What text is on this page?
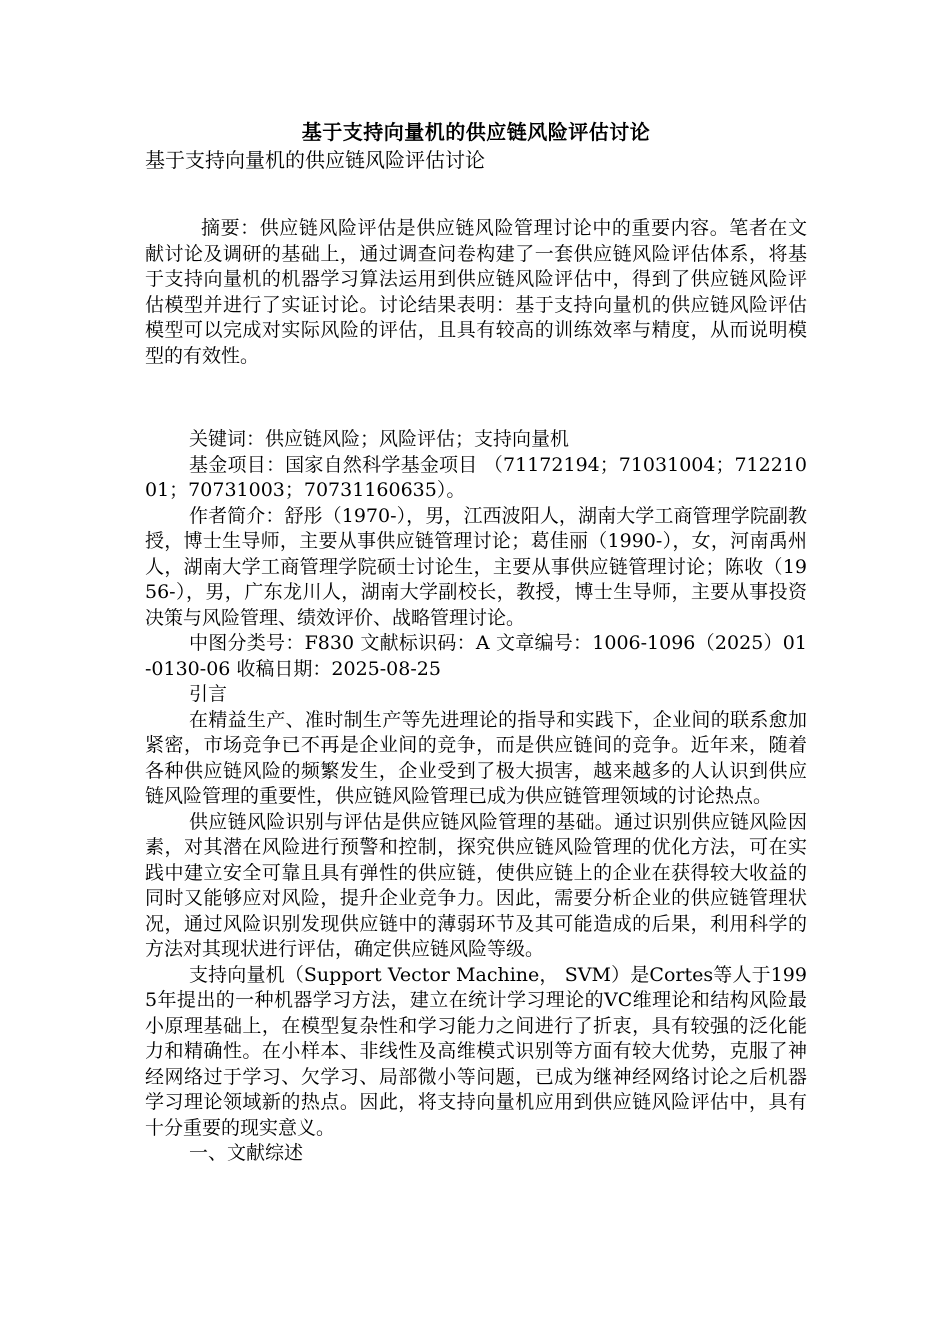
基于支持向量机的供应链风险评估讨论

基于支持向量机的供应链风险评估讨论

摘要：供应链风险评估是供应链风险管理讨论中的重要内容。笔者在文献讨论及调研的基础上，通过调查问卷构建了一套供应链风险评估体系，将基于支持向量机的机器学习算法运用到供应链风险评估中，得到了供应链风险评估模型并进行了实证讨论。讨论结果表明：基于支持向量机的供应链风险评估模型可以完成对实际风险的评估，且具有较高的训练效率与精度，从而说明模型的有效性。

关键词：供应链风险；风险评估；支持向量机

基金项目：国家自然科学基金项目 （71172194；71031004；71221001；70731003；70731160635）。

作者简介：舒彤（1970-），男，江西波阳人，湖南大学工商管理学院副教授，博士生导师，主要从事供应链管理讨论；葛佳丽（1990-），女，河南禹州人，湖南大学工商管理学院硕士讨论生，主要从事供应链管理讨论；陈收（1956-），男，广东龙川人，湖南大学副校长，教授，博士生导师，主要从事投资决策与风险管理、绩效评价、战略管理讨论。

中图分类号：F830 文献标识码：A 文章编号：1006-1096（2025）01-0130-06 收稿日期：2025-08-25

引言

在精益生产、准时制生产等先进理论的指导和实践下，企业间的联系愈加紧密，市场竞争已不再是企业间的竞争，而是供应链间的竞争。近年来，随着各种供应链风险的频繁发生，企业受到了极大损害，越来越多的人认识到供应链风险管理的重要性，供应链风险管理已成为供应链管理领域的讨论热点。

供应链风险识别与评估是供应链风险管理的基础。通过识别供应链风险因素，对其潜在风险进行预警和控制，探究供应链风险管理的优化方法，可在实践中建立安全可靠且具有弹性的供应链，使供应链上的企业在获得较大收益的同时又能够应对风险，提升企业竞争力。因此，需要分析企业的供应链管理状况，通过风险识别发现供应链中的薄弱环节及其可能造成的后果，利用科学的方法对其现状进行评估，确定供应链风险等级。

支持向量机（Support Vector Machine， SVM）是Cortes等人于1995年提出的一种机器学习方法，建立在统计学习理论的VC维理论和结构风险最小原理基础上，在模型复杂性和学习能力之间进行了折衷，具有较强的泛化能力和精确性。在小样本、非线性及高维模式识别等方面有较大优势，克服了神经网络过于学习、欠学习、局部微小等问题，已成为继神经网络讨论之后机器学习理论领域新的热点。因此，将支持向量机应用到供应链风险评估中，具有十分重要的现实意义。

一、文献综述
